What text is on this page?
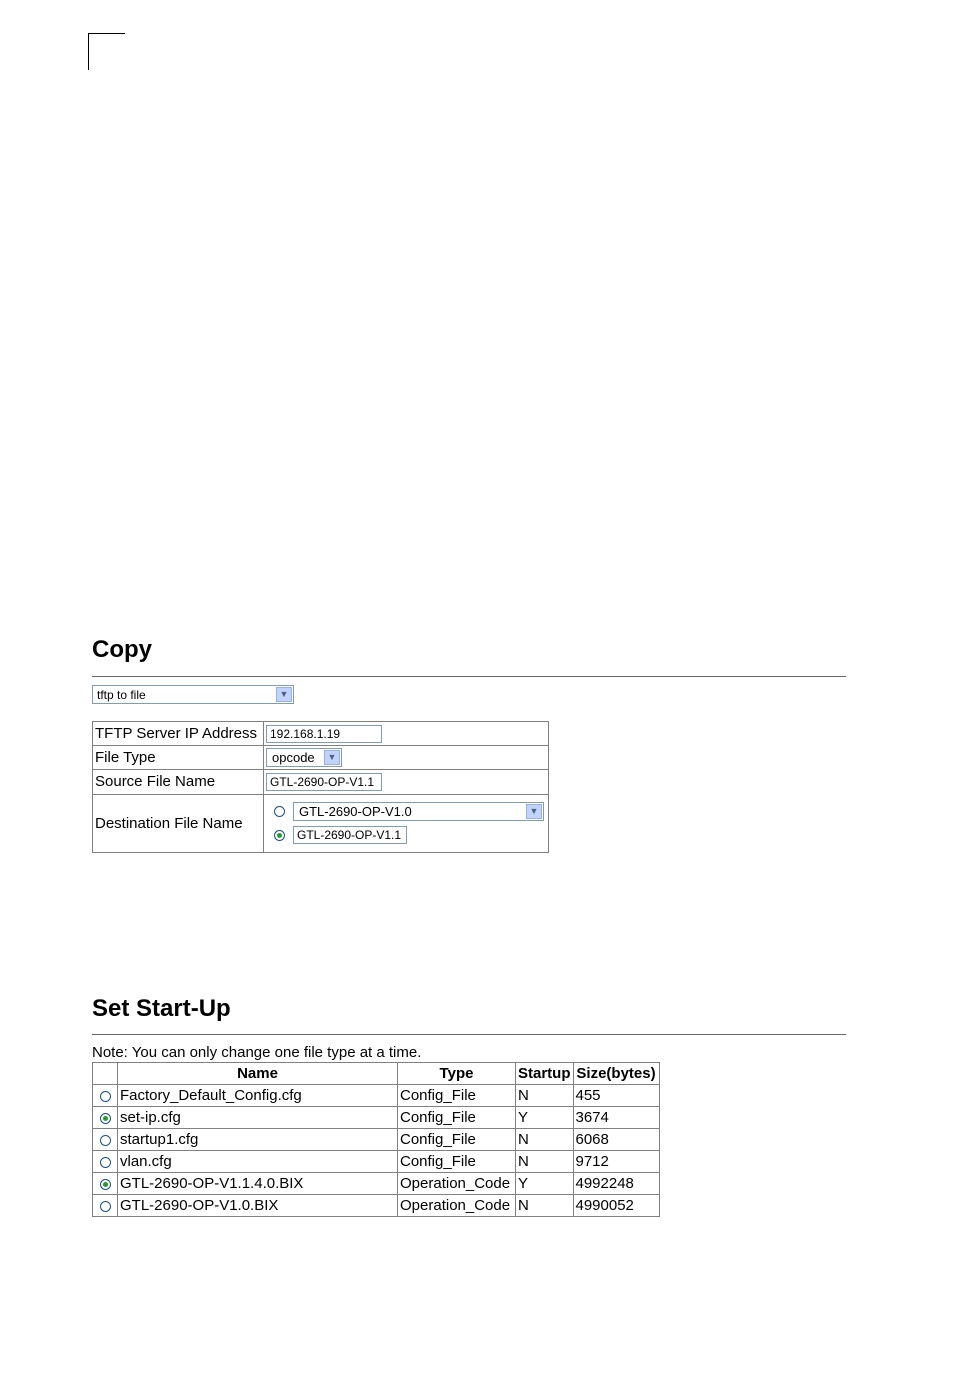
Copy
tftp to file	▼
TFTP Server IP Address	192.168.1.19
File Type	opcode ▼

Source File Name	GTL-2690-OP-V1.1
Destination File Name	GTL-2690-OP-V1.0 ▼
GTL-2690-OP-V1.1
Set Start-Up
Note: You can only change one file type at a time.
	Name	Type	Startup	Size(bytes)
	Factory_Default_Config.cfg	Config_File	N	455
	set-ip.cfg	Config_File	Y	3674
	startup1.cfg	Config_File	N	6068
	vlan.cfg	Config_File	N	9712
	GTL-2690-OP-V1.1.4.0.BIX	Operation_Code	Y	4992248
	GTL-2690-OP-V1.0.BIX	Operation_Code	N	4990052
